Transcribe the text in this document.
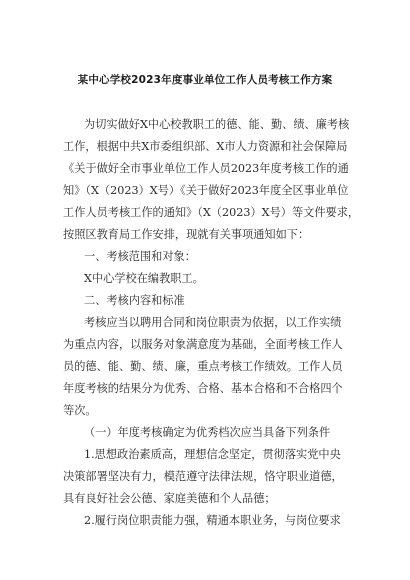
某中心学校2023年度事业单位工作人员考核工作方案
为切实做好X中心校教职工的德、能、勤、绩、廉考核
工作，根据中共X市委组织部、X市人力资源和社会保障局
《关于做好全市事业单位工作人员2023年度考核工作的通
知》（X（2023）X号）《关于做好2023年度全区事业单位
工作人员考核工作的通知》（X（2023）X号）等文件要求，
按照区教育局工作安排，现就有关事项通知如下：
一、考核范围和对象：
X中心学校在编教职工。
二、考核内容和标准
考核应当以聘用合同和岗位职责为依据，以工作实绩
为重点内容，以服务对象满意度为基础，全面考核工作人
员的德、能、勤、绩、廉，重点考核工作绩效。工作人员
年度考核的结果分为优秀、合格、基本合格和不合格四个
等次。
（一）年度考核确定为优秀档次应当具备下列条件
1.思想政治素质高，理想信念坚定，贯彻落实党中央
决策部署坚决有力，模范遵守法律法规，恪守职业道德，
具有良好社会公德、家庭美德和个人品德；
2.履行岗位职责能力强，精通本职业务，与岗位要求
